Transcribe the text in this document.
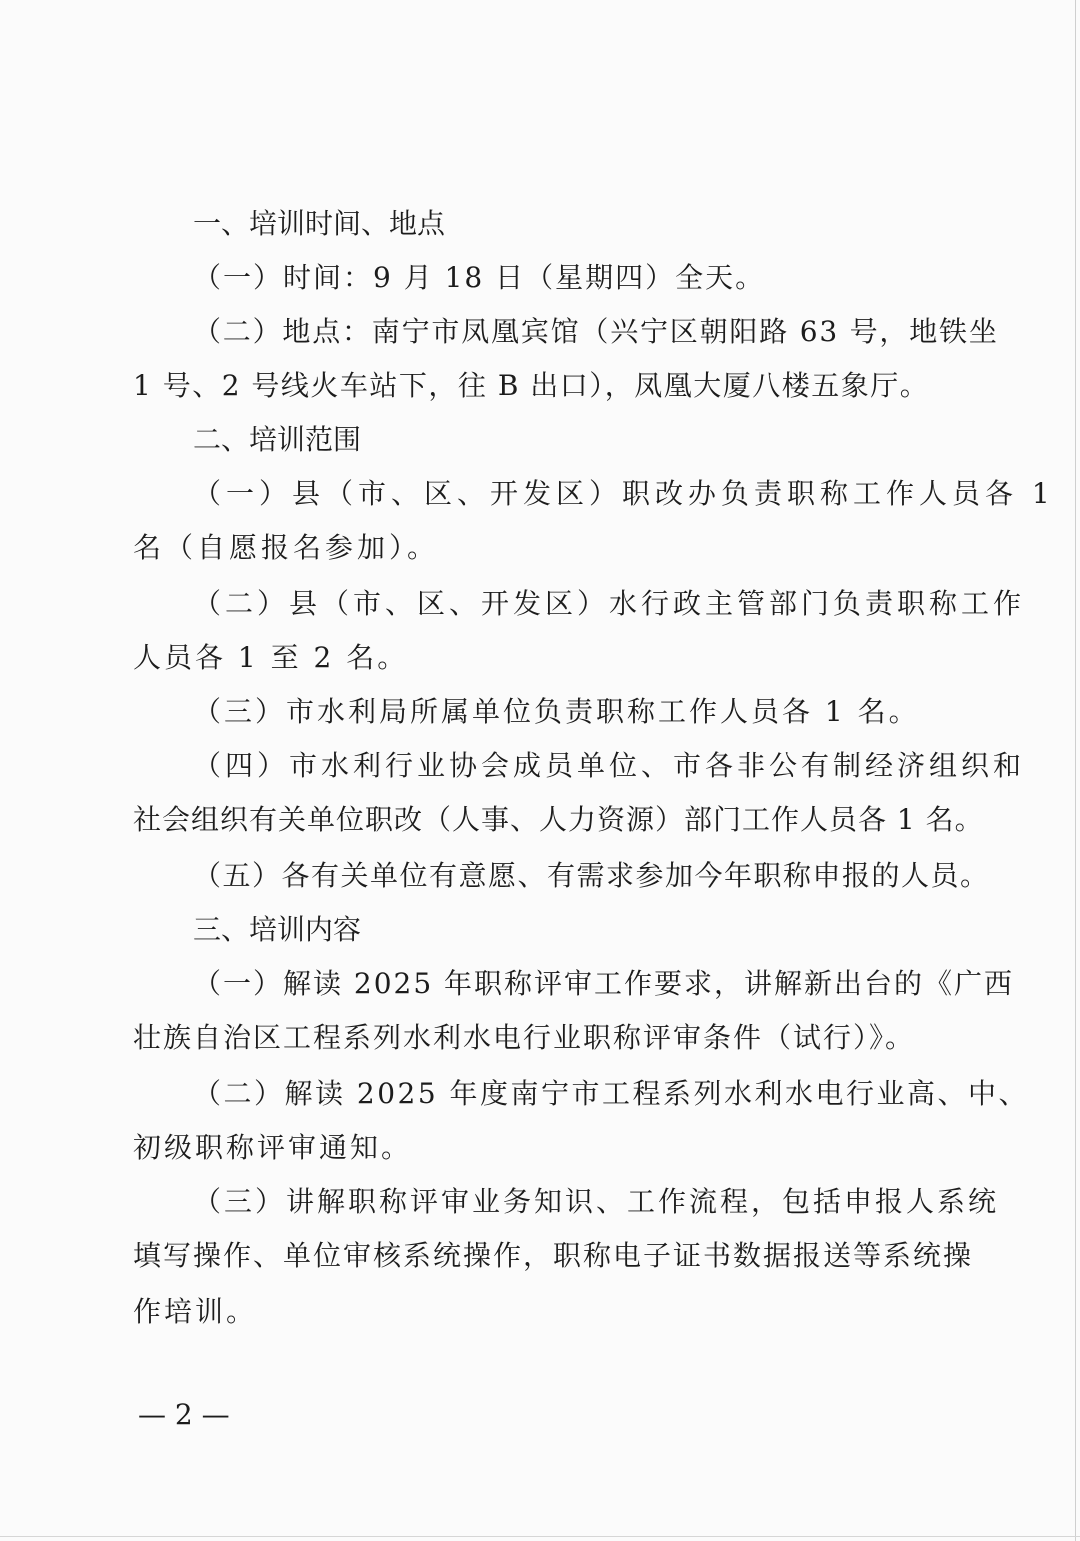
一、培训时间、地点
（一）时间：9 月 18 日（星期四）全天。
（二）地点：南宁市凤凰宾馆（兴宁区朝阳路 63 号，地铁坐
1 号、2 号线火车站下，往 B 出口），凤凰大厦八楼五象厅。
二、培训范围
（一）县（市、区、开发区）职改办负责职称工作人员各 1
名（自愿报名参加）。
（二）县（市、区、开发区）水行政主管部门负责职称工作
人员各 1 至 2 名。
（三）市水利局所属单位负责职称工作人员各 1 名。
（四）市水利行业协会成员单位、市各非公有制经济组织和
社会组织有关单位职改（人事、人力资源）部门工作人员各 1 名。
（五）各有关单位有意愿、有需求参加今年职称申报的人员。
三、培训内容
（一）解读 2025 年职称评审工作要求，讲解新出台的《广西
壮族自治区工程系列水利水电行业职称评审条件（试行）》。
（二）解读 2025 年度南宁市工程系列水利水电行业高、中、
初级职称评审通知。
（三）讲解职称评审业务知识、工作流程，包括申报人系统
填写操作、单位审核系统操作，职称电子证书数据报送等系统操
作培训。
— 2 —
